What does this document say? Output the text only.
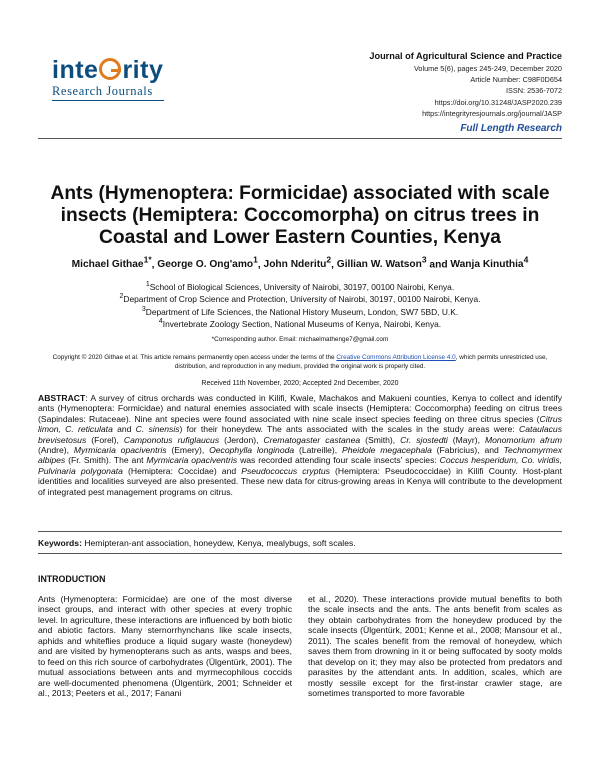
inte rity
Research Journals
Journal of Agricultural Science and Practice
Volume 5(6), pages 245-249, December 2020
Article Number: C98F0D654
ISSN: 2536-7072
https://doi.org/10.31248/JASP2020.239
https://integrityresjournals.org/journal/JASP
Full Length Research
Ants (Hymenoptera: Formicidae) associated with scale insects (Hemiptera: Coccomorpha) on citrus trees in Coastal and Lower Eastern Counties, Kenya
Michael Githae$^{1*}$, George O. Ong'amo$^1$, John Nderitu$^2$, Gillian W. Watson$^3$ and Wanja Kinuthia$^4$
$^1$School of Biological Sciences, University of Nairobi, 30197, 00100 Nairobi, Kenya.
$^2$Department of Crop Science and Protection, University of Nairobi, 30197, 00100 Nairobi, Kenya.
$^3$Department of Life Sciences, the National History Museum, London, SW7 5BD, U.K.
$^4$Invertebrate Zoology Section, National Museums of Kenya, Nairobi, Kenya.
*Corresponding author. Email: michaelmathenge7@gmail.com
Copyright © 2020 Githae et al. This article remains permanently open access under the terms of the Creative Commons Attribution License 4.0, which permits unrestricted use, distribution, and reproduction in any medium, provided the original work is properly cited.
Received 11th November, 2020; Accepted 2nd December, 2020
ABSTRACT: A survey of citrus orchards was conducted in Kilifi, Kwale, Machakos and Makueni counties, Kenya to collect and identify ants (Hymenoptera: Formicidae) and natural enemies associated with scale insects (Hemiptera: Coccomorpha) feeding on citrus trees (Sapindales: Rutaceae). Nine ant species were found associated with nine scale insect species feeding on three citrus species (Citrus limon, C. reticulata and C. sinensis) for their honeydew. The ants associated with the scales in the study areas were: Cataulacus brevisetosus (Forel), Camponotus rufiglaucus (Jerdon), Crematogaster castanea (Smith), Cr. sjostedti (Mayr), Monomorium afrum (Andre), Myrmicaria opaciventris (Emery), Oecophylla longinoda (Latreille), Pheidole megacephala (Fabricius), and Technomyrmex albipes (Fr. Smith). The ant Myrmicaria opaciventris was recorded attending four scale insects' species: Coccus hesperidum, Co. viridis, Pulvinaria polygonata (Hemiptera: Coccidae) and Pseudococcus cryptus (Hemiptera: Pseudococcidae) in Kilifi County. Host-plant identities and localities surveyed are also presented. These new data for citrus-growing areas in Kenya will contribute to the development of integrated pest management programs on citrus.
Keywords: Hemipteran-ant association, honeydew, Kenya, mealybugs, soft scales.
INTRODUCTION
Ants (Hymenoptera: Formicidae) are one of the most diverse insect groups, and interact with other species at every trophic level. In agriculture, these interactions are influenced by both biotic and abiotic factors. Many sternorrhynchans like scale insects, aphids and whiteflies produce a liquid sugary waste (honeydew) and are visited by hymenopterans such as ants, wasps and bees, to feed on this rich source of carbohydrates (Ülgentürk, 2001). The mutual associations between ants and myrmecophilous coccids are well-documented phenomena (Ülgentürk, 2001; Schneider et al., 2013; Peeters et al., 2017; Fanani
et al., 2020). These interactions provide mutual benefits to both the scale insects and the ants. The ants benefit from scales as they obtain carbohydrates from the honeydew produced by the scale insects (Ülgentürk, 2001; Kenne et al., 2008; Mansour et al., 2011). The scales benefit from the removal of honeydew, which saves them from drowning in it or being suffocated by sooty molds that develop on it; they may also be protected from predators and parasites by the attendant ants. In addition, scales, which are mostly sessile except for the first-instar crawler stage, are sometimes transported to more favorable
